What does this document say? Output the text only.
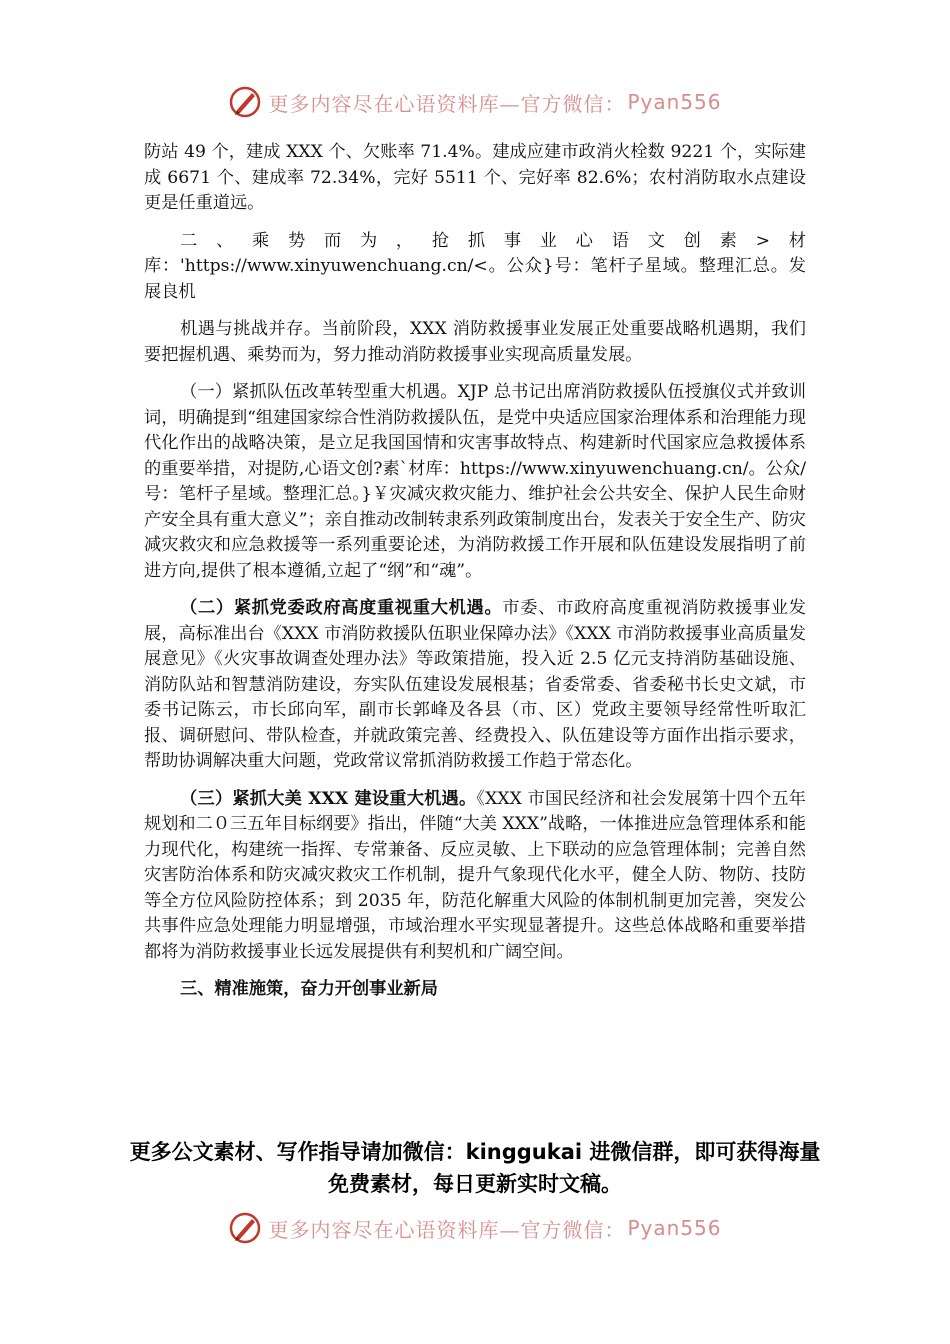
更多内容尽在心语资料库—官方微信： Pyan556

防站 49 个，建成 XXX 个、欠账率 71.4%。建成应建市政消火栓数 9221 个，实际建成 6671 个、建成率 72.34%，完好 5511 个、完好率 82.6%；农村消防取水点建设更是任重道远。

二、乘势而为，抢抓事业心语文创素>材库：'https://www.xinyuwenchuang.cn/<。公众}号：笔杆子星域。整理汇总。发展良机

机遇与挑战并存。当前阶段，XXX 消防救援事业发展正处重要战略机遇期，我们要把握机遇、乘势而为，努力推动消防救援事业实现高质量发展。

（一）紧抓队伍改革转型重大机遇。XJP 总书记出席消防救援队伍授旗仪式并致训词，明确提到“组建国家综合性消防救援队伍，是党中央适应国家治理体系和治理能力现代化作出的战略决策，是立足我国国情和灾害事故特点、构建新时代国家应急救援体系的重要举措，对提防,心语文创?素`材库：https://www.xinyuwenchuang.cn/。公众/号：笔杆子星域。整理汇总。}￥灾减灾救灾能力、维护社会公共安全、保护人民生命财产安全具有重大意义”；亲自推动改制转隶系列政策制度出台，发表关于安全生产、防灾减灾救灾和应急救援等一系列重要论述，为消防救援工作开展和队伍建设发展指明了前进方向,提供了根本遵循,立起了“纲”和“魂”。

（二）紧抓党委政府高度重视重大机遇。市委、市政府高度重视消防救援事业发展，高标准出台《XXX 市消防救援队伍职业保障办法》《XXX 市消防救援事业高质量发展意见》《火灾事故调查处理办法》等政策措施，投入近 2.5 亿元支持消防基础设施、消防队站和智慧消防建设，夯实队伍建设发展根基；省委常委、省委秘书长史文斌，市委书记陈云，市长邱向军，副市长郭峰及各县（市、区）党政主要领导经常性听取汇报、调研慰问、带队检查，并就政策完善、经费投入、队伍建设等方面作出指示要求，帮助协调解决重大问题，党政常议常抓消防救援工作趋于常态化。

（三）紧抓大美 XXX 建设重大机遇。《XXX 市国民经济和社会发展第十四个五年规划和二０三五年目标纲要》指出，伴随“大美 XXX”战略，一体推进应急管理体系和能力现代化，构建统一指挥、专常兼备、反应灵敏、上下联动的应急管理体制；完善自然灾害防治体系和防灾减灾救灾工作机制，提升气象现代化水平，健全人防、物防、技防等全方位风险防控体系；到 2035 年，防范化解重大风险的体制机制更加完善，突发公共事件应急处理能力明显增强，市域治理水平实现显著提升。这些总体战略和重要举措都将为消防救援事业长远发展提供有利契机和广阔空间。

三、精准施策，奋力开创事业新局

更多公文素材、写作指导请加微信：kinggukai 进微信群，即可获得海量免费素材，每日更新实时文稿。
更多内容尽在心语资料库—官方微信： Pyan556
